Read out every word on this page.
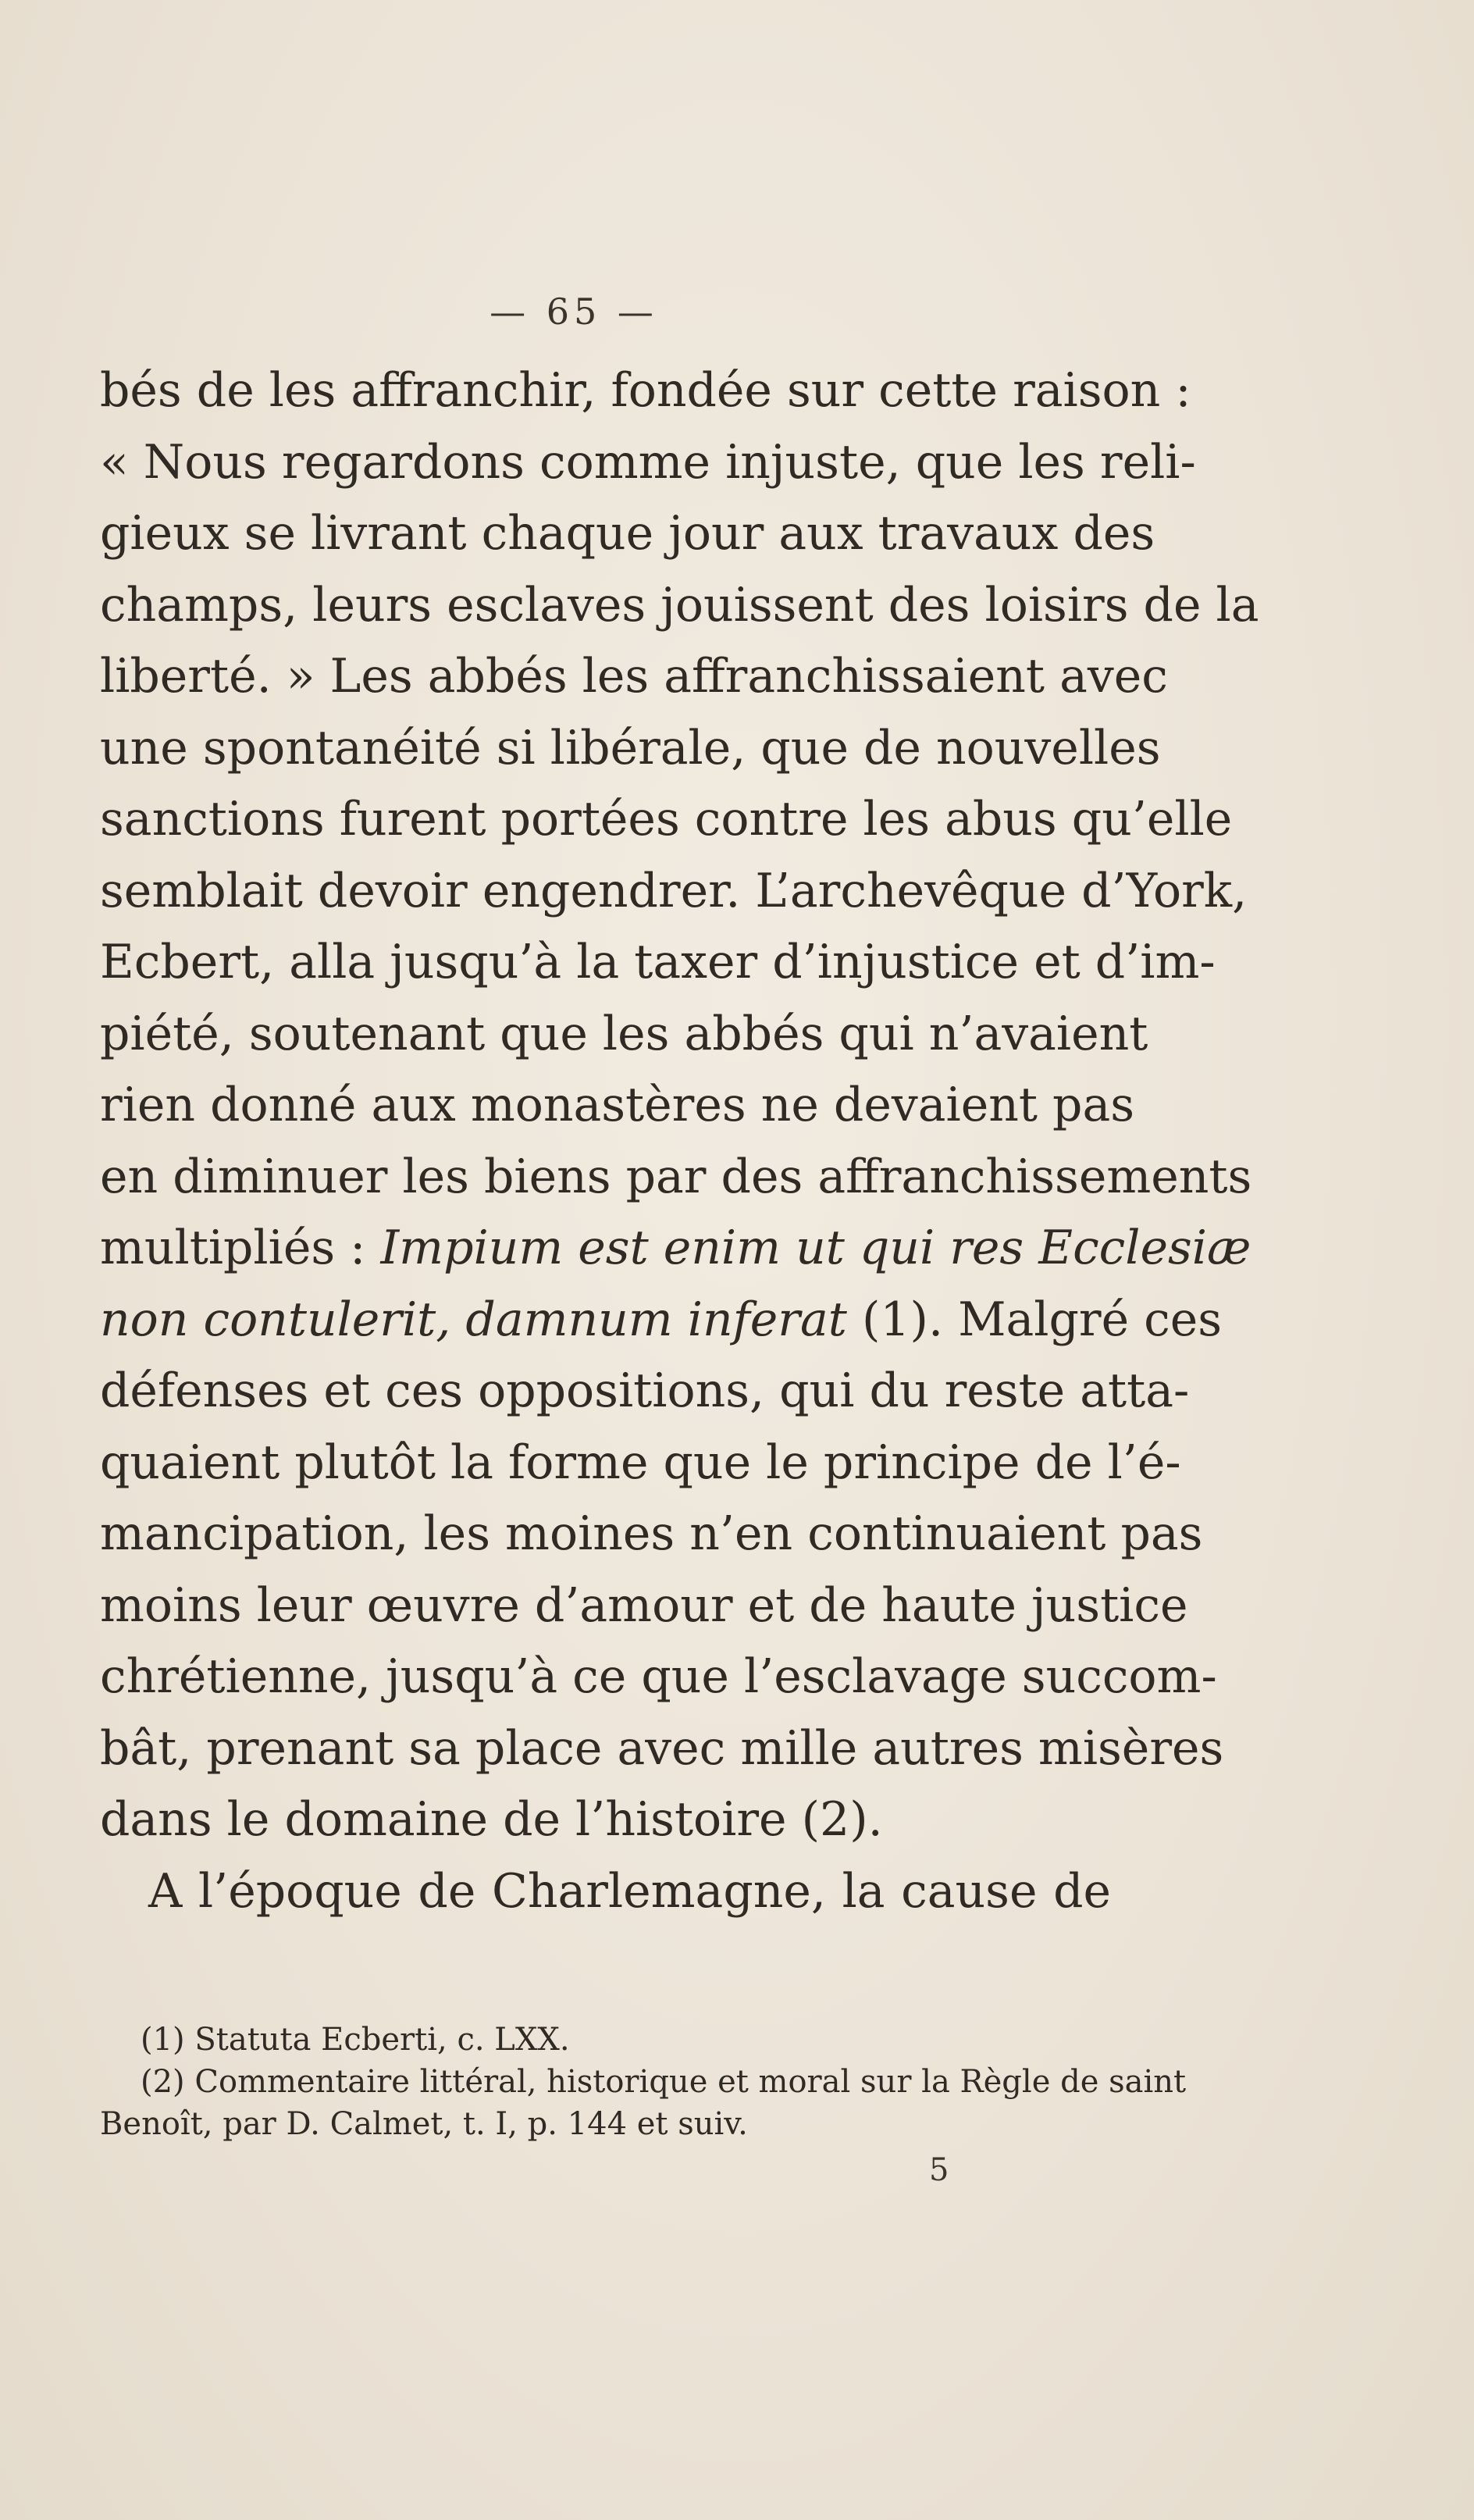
— 65 —
bés de les affranchir, fondée sur cette raison :
« Nous regardons comme injuste, que les reli-
gieux se livrant chaque jour aux travaux des
champs, leurs esclaves jouissent des loisirs de la
liberté. » Les abbés les affranchissaient avec
une spontanéité si libérale, que de nouvelles
sanctions furent portées contre les abus qu’elle
semblait devoir engendrer. L’archevêque d’York,
Ecbert, alla jusqu’à la taxer d’injustice et d’im-
piété, soutenant que les abbés qui n’avaient
rien donné aux monastères ne devaient pas
en diminuer les biens par des affranchissements
multipliés : Impium est enim ut qui res Ecclesiæ
non contulerit, damnum inferat (1). Malgré ces
défenses et ces oppositions, qui du reste atta-
quaient plutôt la forme que le principe de l’é-
mancipation, les moines n’en continuaient pas
moins leur œuvre d’amour et de haute justice
chrétienne, jusqu’à ce que l’esclavage succom-
bât, prenant sa place avec mille autres misères
dans le domaine de l’histoire (2).
A l’époque de Charlemagne, la cause de
(1) Statuta Ecberti, c. LXX.
(2) Commentaire littéral, historique et moral sur la Règle de saint
Benoît, par D. Calmet, t. I, p. 144 et suiv.
5
